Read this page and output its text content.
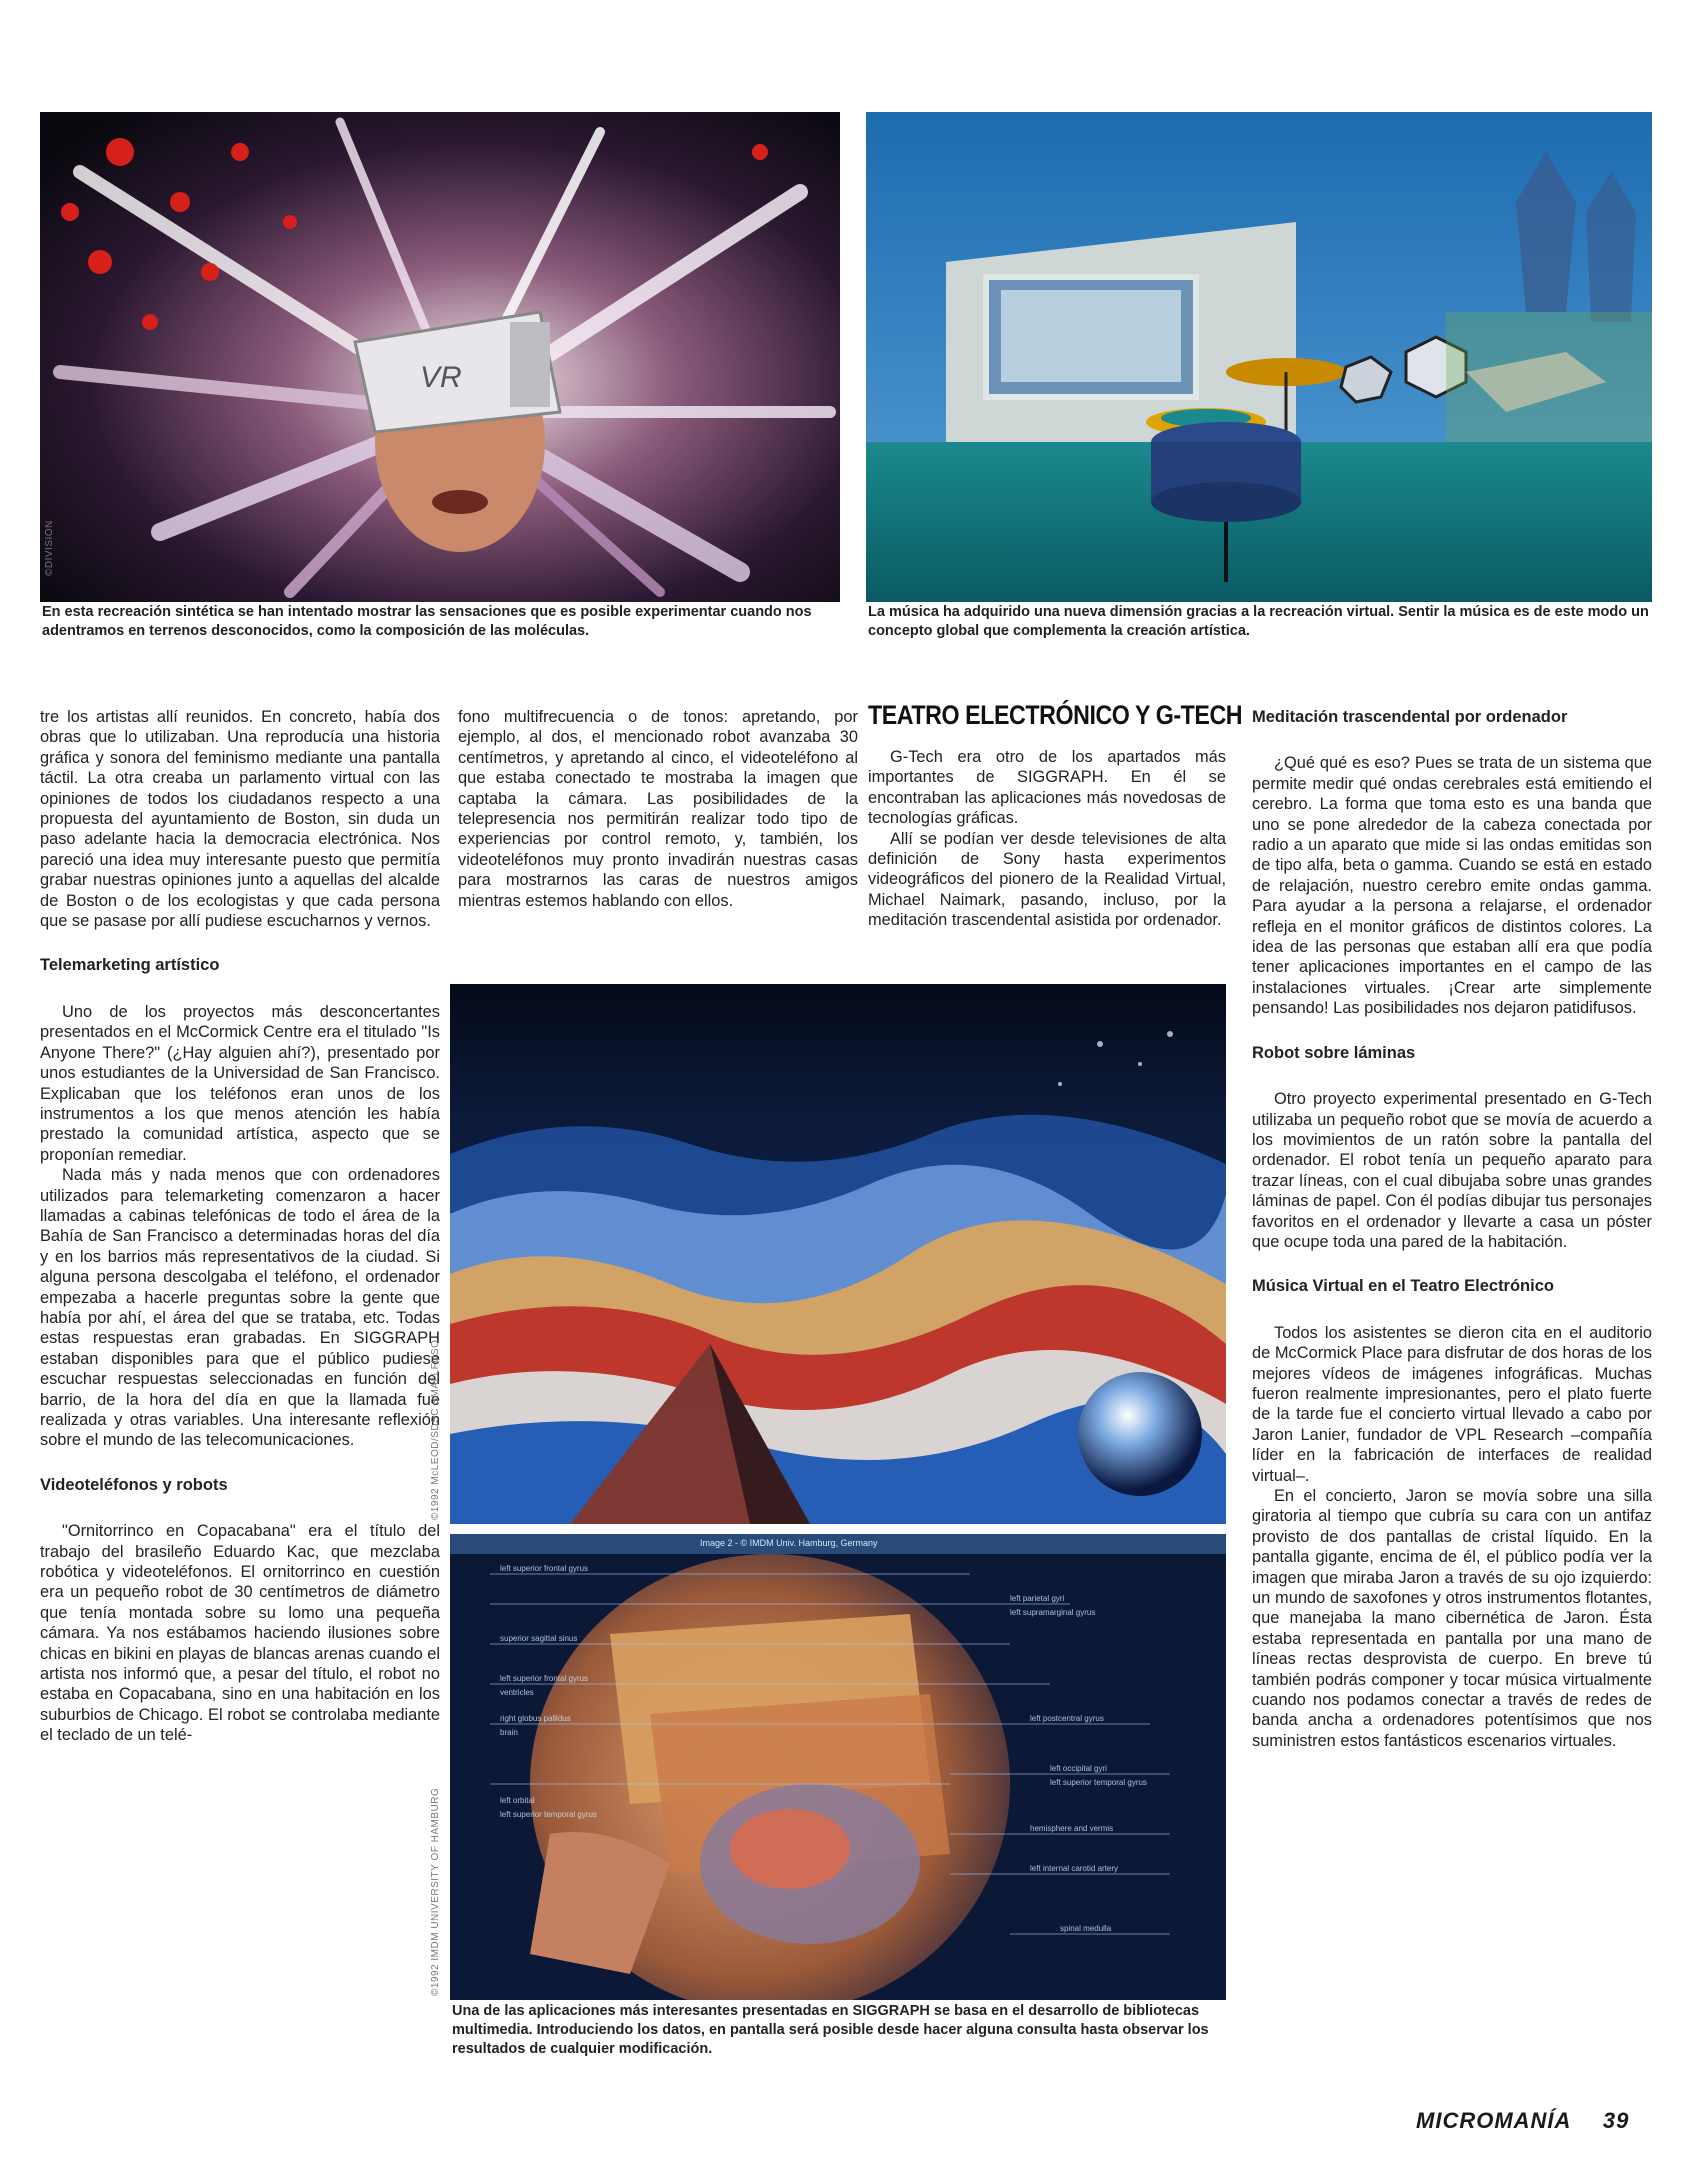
VR
©DIVISION
En esta recreación sintética se han intentado mostrar las sensaciones que es posible experimentar cuando nos adentramos en terrenos desconocidos, como la composición de las moléculas.
La música ha adquirido una nueva dimensión gracias a la recreación virtual. Sentir la música es de este modo un concepto global que complementa la creación artística.

tre los artistas allí reunidos. En concreto, había dos obras que lo utilizaban. Una reproducía una historia gráfica y sonora del feminismo mediante una pantalla táctil. La otra creaba un parlamento virtual con las opiniones de todos los ciudadanos respecto a una propuesta del ayuntamiento de Boston, sin duda un paso adelante hacia la democracia electrónica. Nos pareció una idea muy interesante puesto que permitía grabar nuestras opiniones junto a aquellas del alcalde de Boston o de los ecologistas y que cada persona que se pasase por allí pudiese escucharnos y vernos.

Telemarketing artístico

Uno de los proyectos más desconcertantes presentados en el McCormick Centre era el titulado "Is Anyone There?" (¿Hay alguien ahí?), presentado por unos estudiantes de la Universidad de San Francisco. Explicaban que los teléfonos eran unos de los instrumentos a los que menos atención les había prestado la comunidad artística, aspecto que se proponían remediar.

Nada más y nada menos que con ordenadores utilizados para telemarketing comenzaron a hacer llamadas a cabinas telefónicas de todo el área de la Bahía de San Francisco a determinadas horas del día y en los barrios más representativos de la ciudad. Si alguna persona descolgaba el teléfono, el ordenador empezaba a hacerle preguntas sobre la gente que había por ahí, el área del que se trataba, etc. Todas estas respuestas eran grabadas. En SIGGRAPH estaban disponibles para que el público pudiese escuchar respuestas seleccionadas en función del barrio, de la hora del día en que la llamada fue realizada y otras variables. Una interesante reflexión sobre el mundo de las telecomunicaciones.

Videoteléfonos y robots

"Ornitorrinco en Copacabana" era el título del trabajo del brasileño Eduardo Kac, que mezclaba robótica y videoteléfonos. El ornitorrinco en cuestión era un pequeño robot de 30 centímetros de diámetro que tenía montada sobre su lomo una pequeña cámara. Ya nos estábamos haciendo ilusiones sobre chicas en bikini en playas de blancas arenas cuando el artista nos informó que, a pesar del título, el robot no estaba en Copacabana, sino en una habitación en los suburbios de Chicago. El robot se controlaba mediante el teclado de un telé-

fono multifrecuencia o de tonos: apretando, por ejemplo, al dos, el mencionado robot avanzaba 30 centímetros, y apretando al cinco, el videoteléfono al que estaba conectado te mostraba la imagen que captaba la cámara. Las posibilidades de la telepresencia nos permitirán realizar todo tipo de experiencias por control remoto, y, también, los videoteléfonos muy pronto invadirán nuestras casas para mostrarnos las caras de nuestros amigos mientras estemos hablando con ellos.

TEATRO ELECTRÓNICO Y G-TECH

G-Tech era otro de los apartados más importantes de SIGGRAPH. En él se encontraban las aplicaciones más novedosas de tecnologías gráficas.

Allí se podían ver desde televisiones de alta definición de Sony hasta experimentos videográficos del pionero de la Realidad Virtual, Michael Naimark, pasando, incluso, por la meditación trascendental asistida por ordenador.

Meditación trascendental por ordenador

¿Qué qué es eso? Pues se trata de un sistema que permite medir qué ondas cerebrales está emitiendo el cerebro. La forma que toma esto es una banda que uno se pone alrededor de la cabeza conectada por radio a un aparato que mide si las ondas emitidas son de tipo alfa, beta o gamma. Cuando se está en estado de relajación, nuestro cerebro emite ondas gamma. Para ayudar a la persona a relajarse, el ordenador refleja en el monitor gráficos de distintos colores. La idea de las personas que estaban allí era que podía tener aplicaciones importantes en el campo de las instalaciones virtuales. ¡Crear arte simplemente pensando! Las posibilidades nos dejaron patidifusos.

Robot sobre láminas

Otro proyecto experimental presentado en G-Tech utilizaba un pequeño robot que se movía de acuerdo a los movimientos de un ratón sobre la pantalla del ordenador. El robot tenía un pequeño aparato para trazar líneas, con el cual dibujaba sobre unas grandes láminas de papel. Con él podías dibujar tus personajes favoritos en el ordenador y llevarte a casa un póster que ocupe toda una pared de la habitación.

Música Virtual en el Teatro Electrónico

Todos los asistentes se dieron cita en el auditorio de McCormick Place para disfrutar de dos horas de los mejores vídeos de imágenes infográficas. Muchas fueron realmente impresionantes, pero el plato fuerte de la tarde fue el concierto virtual llevado a cabo por Jaron Lanier, fundador de VPL Research –compañía líder en la fabricación de interfaces de realidad virtual–.

En el concierto, Jaron se movía sobre una silla giratoria al tiempo que cubría su cara con un antifaz provisto de dos pantallas de cristal líquido. En la pantalla gigante, encima de él, el público podía ver la imagen que miraba Jaron a través de su ojo izquierdo: un mundo de saxofones y otros instrumentos flotantes, que manejaba la mano cibernética de Jaron. Ésta estaba representada en pantalla por una mano de líneas rectas desprovista de cuerpo. En breve tú también podrás componer y tocar música virtualmente cuando nos podamos conectar a través de redes de banda ancha a ordenadores potentísimos que nos suministren estos fantásticos escenarios virtuales.

©1992 McLEOD/SDSC SMALLFUSO
Image 2 - © IMDM Univ. Hamburg, Germany
left superior frontal gyrus
left parietal gyri
left supramarginal gyrus
superior sagittal sinus
left superior frontal gyrus
ventricles
right globus pallidus	left postcentral gyrus
brain
left occipital gyri
left superior temporal gyrus
left orbital
left superior temporal gyrus
hemisphere and vermis
left internal carotid artery
spinal medulla
©1992 IMDM UNIVERSITY OF HAMBURG
Una de las aplicaciones más interesantes presentadas en SIGGRAPH se basa en el desarrollo de bibliotecas multimedia. Introduciendo los datos, en pantalla será posible desde hacer alguna consulta hasta observar los resultados de cualquier modificación.
MICROMANÍA 39
